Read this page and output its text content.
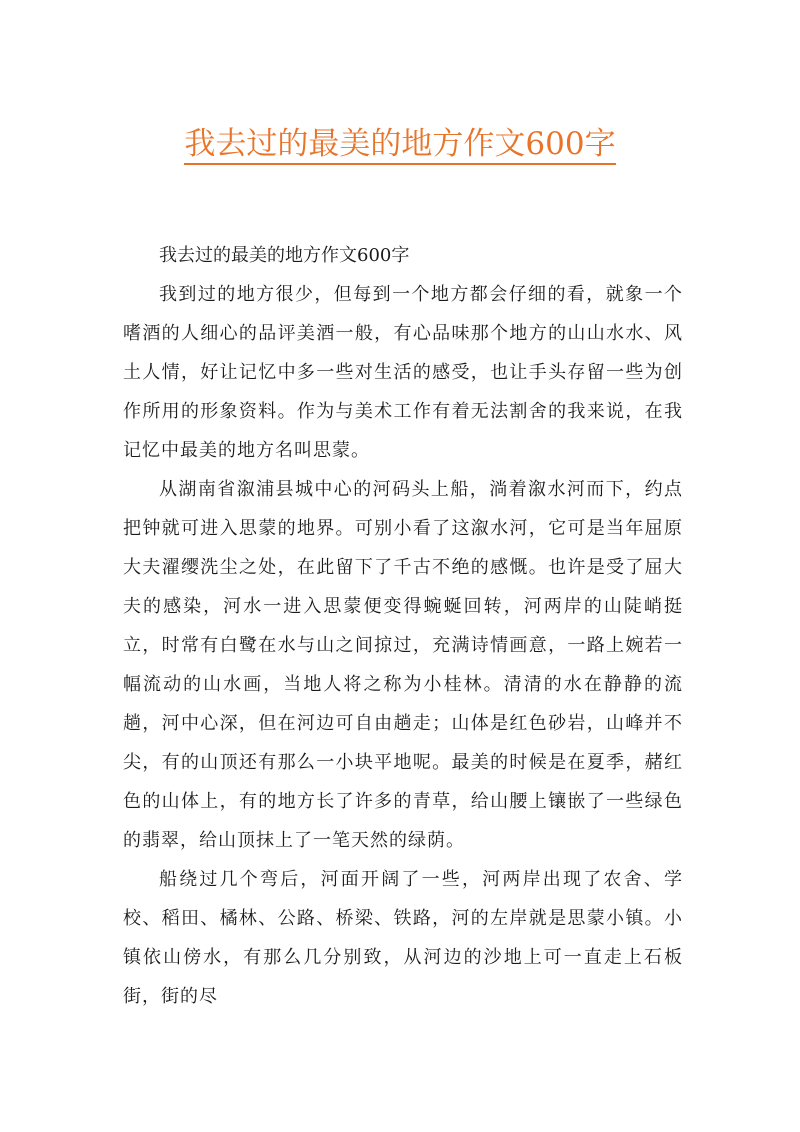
我去过的最美的地方作文600字

我去过的最美的地方作文600字

我到过的地方很少，但每到一个地方都会仔细的看，就象一个嗜酒的人细心的品评美酒一般，有心品味那个地方的山山水水、风土人情，好让记忆中多一些对生活的感受，也让手头存留一些为创作所用的形象资料。作为与美术工作有着无法割舍的我来说，在我记忆中最美的地方名叫思蒙。

从湖南省溆浦县城中心的河码头上船，淌着溆水河而下，约点把钟就可进入思蒙的地界。可别小看了这溆水河，它可是当年屈原大夫濯缨洗尘之处，在此留下了千古不绝的感慨。也许是受了屈大夫的感染，河水一进入思蒙便变得蜿蜒回转，河两岸的山陡峭挺立，时常有白鹭在水与山之间掠过，充满诗情画意，一路上婉若一幅流动的山水画，当地人将之称为小桂林。清清的水在静静的流趟，河中心深，但在河边可自由趟走；山体是红色砂岩，山峰并不尖，有的山顶还有那么一小块平地呢。最美的时候是在夏季，赭红色的山体上，有的地方长了许多的青草，给山腰上镶嵌了一些绿色的翡翠，给山顶抹上了一笔天然的绿荫。

船绕过几个弯后，河面开阔了一些，河两岸出现了农舍、学校、稻田、橘林、公路、桥梁、铁路，河的左岸就是思蒙小镇。小镇依山傍水，有那么几分别致，从河边的沙地上可一直走上石板街，街的尽
